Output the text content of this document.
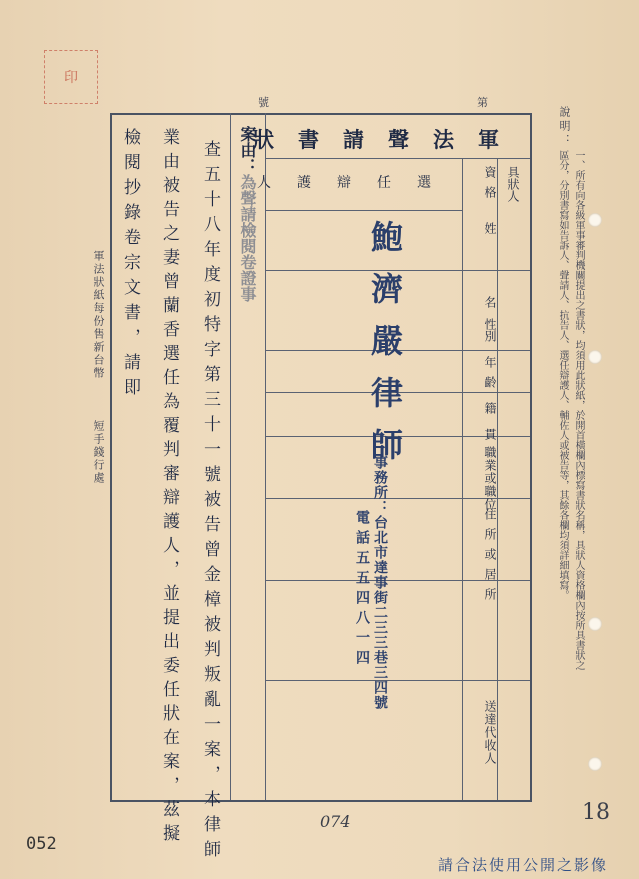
印
號	第
軍法聲請書狀
選任辯護人
案由：為聲請檢閱卷證事
查五十八年度初特字第三十一號被告曾金樟被判叛亂一案，本律師
業由被告之妻曾蘭香選任為覆判審辯護人，並提出委任狀在案，茲擬
檢閱抄錄卷宗文書，請即	鮑濟嚴律師
事務所：台北市達事街二三三巷三四號
電話五五四八一四
具狀人
資格
姓
名
性別
年齡
籍貫
職業或職位
住所或居所
送達代收人
軍法狀紙每份售新台幣
短手錢行處
說明：
一、所有向各級軍事審判機關提出之書狀，均須用此狀紙，於開首橫欄內標寫書狀名稱，具狀人資格欄內按所具書狀之
區分，分別書寫如告訴人、聲請人、抗告人、選任辯護人、輔佐人或被告等，其餘各欄均須詳細填寫。
074	18
052
請合法使用公開之影像
